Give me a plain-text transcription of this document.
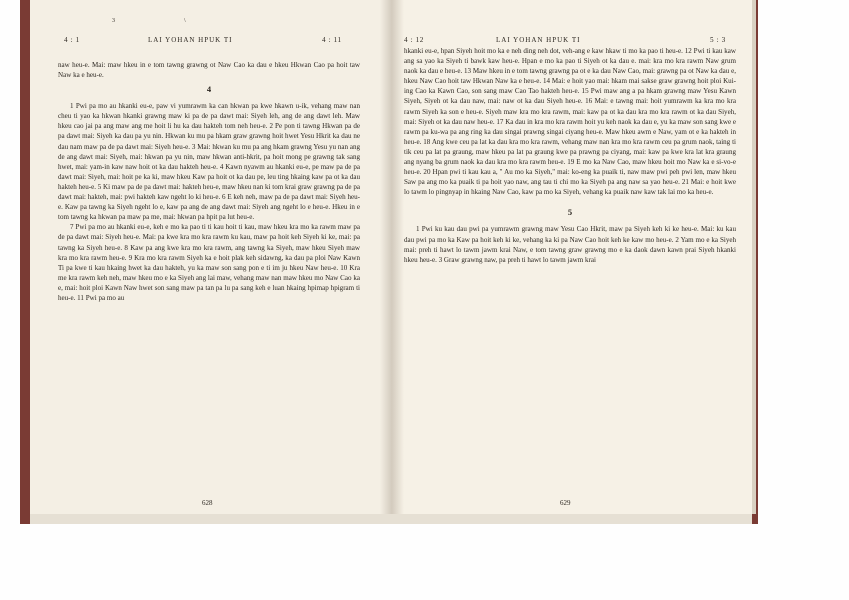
3	\
4 : 1	LAI YOHAN HPUK TI	4 : 11

naw heu-e. Mai: maw hkeu in e tom tawng grawng ot Naw Cao ka dau e hkeu Hkwan Cao pa hoit taw Naw ka e heu-e.

4

1 Pwi pa mo au hkanki eu-e, paw vi yumrawm ka can hkwan pa kwe hkawn u-ik, vehang maw nan cheu ti yao ka hkwan hkanki grawng maw ki pa de pa dawt mai: Siyeh leh, ang de ang dawt leh. Maw hkeu cao jai pa ang maw ang me hoit li hu ka dau hakteh tom neh heu-e. 2 Pe pon ti tawng Hkwan pa de pa dawt mai: Siyeh ka dau pa yu nin. Hkwan ku mu pa hkam graw grawng hoit hwet Yesu Hkrit ka dau ne dau nam maw pa de pa dawt mai: Siyeh heu-e. 3 Mai: hkwan ku mu pa ang hkam grawng Yesu yu nan ang de ang dawt mai: Siyeh, mai: hkwan pa yu nin, maw hkwan anti-hkrit, pa hoit mong pe grawng tak sang hwet, mai: yam-in kaw naw hoit ot ka dau hakteh heu-e. 4 Kawn nyawm au hkanki eu-e, pe maw pa de pa dawt mai: Siyeh, mai: hoit pe ka ki, maw hkeu Kaw pa hoit ot ka dau pe, leu ting hkaing kaw pa ot ka dau hakteh heu-e. 5 Ki maw pa de pa dawt mai: hakteh heu-e, maw hkeu nan ki tom krai graw grawng pa de pa dawt mai: hakteh, mai: pwi hakteh kaw ngeht lo ki heu-e. 6 E keh neh, maw pa de pa dawt mai: Siyeh heu-e. Kaw pa tawng ka Siyeh ngeht lo e, kaw pa ang de ang dawt mai: Siyeh ang ngeht lo e heu-e. Hkeu in e tom tawng ka hkwan pa maw pa me, mai: hkwan pa hpit pa lut heu-e.

7 Pwi pa mo au hkanki eu-e, keh e mo ka pao ti ti kau hoit ti kau, maw hkeu kra mo ka rawm maw pa de pa dawt mai: Siyeh heu-e. Mai: pa kwe kra mo kra rawm ku kau, maw pa hoit keh Siyeh ki ke, mai: pa tawng ka Siyeh heu-e. 8 Kaw pa ang kwe kra mo kra rawm, ang tawng ka Siyeh, maw hkeu Siyeh maw kra mo kra rawm heu-e. 9 Kra mo kra rawm Siyeh ka e hoit plak keh sidawng, ka dau pa ploi Naw Kawn Ti pa kwe ti kau hkaing hwet ka dau hakteh, yu ka maw son sang pon e ti im ju hkeu Naw heu-e. 10 Kra me kra rawm keh neh, maw hkeu mo e ka Siyeh ang lai maw, vehang maw nan maw hkeu mo Naw Cao ka e, mai: hoit ploi Kawn Naw hwet son sang maw pa tan pa lu pa sang keh e luan hkaing hpimap hpigram ti heu-e. 11 Pwi pa mo au

628
4 : 12	LAI YOHAN HPUK TI	5 : 3

hkanki eu-e, hpan Siyeh hoit mo ka e neh ding neh dot, veh-ang e kaw hkaw ti mo ka pao ti heu-e. 12 Pwi ti kau kaw ang sa yao ka Siyeh ti bawk kaw heu-e. Hpan e mo ka pao ti Siyeh ot ka dau e. mai: kra mo kra rawm Naw grum naok ka dau e heu-e. 13 Maw hkeu in e tom tawng grawng pa ot e ka dau Naw Cao, mai: grawng pa ot Naw ka dau e, hkeu Naw Cao hoit taw Hkwan Naw ka e heu-e. 14 Mai: e hoit yao mai: hkam mai sakse graw grawng hoit ploi Kui-ing Cao ka Kawn Cao, son sang maw Cao Tao hakteh heu-e. 15 Pwi maw ang a pa hkam grawng maw Yesu Kawn Siyeh, Siyeh ot ka dau naw, mai: naw ot ka dau Siyeh heu-e. 16 Mai: e tawng mai: hoit yumrawm ka kra mo kra rawm Siyeh ka son e heu-e. Siyeh maw kra mo kra rawm, mai: kaw pa ot ka dau kra mo kra rawm ot ka dau Siyeh, mai: Siyeh ot ka dau naw heu-e. 17 Ka dau in kra mo kra rawm hoit yu keh naok ka dau e, yu ka maw son sang kwe e rawm pa ku-wa pa ang ring ka dau singai prawng singai ciyang heu-e. Maw hkeu awm e Naw, yam ot e ka hakteh in heu-e. 18 Ang kwe ceu pa lat ka dau kra mo kra rawm, vehang maw nan kra mo kra rawm ceu pa grum naok, taing ti tik ceu pa lat pa graung, maw hkeu pa lat pa graung kwe pa prawng pa ciyang, mai: kaw pa kwe kra lat kra graung ang nyang ba grum naok ka dau kra mo kra rawm heu-e. 19 E mo ka Naw Cao, maw hkeu hoit mo Naw ka e si-vo-e heu-e. 20 Hpan pwi ti kau kau a, " Au mo ka Siyeh," mai: ko-eng ka puaik ti, naw maw pwi peh pwi len, maw hkeu Saw pa ang mo ka puaik ti pa hoit yao naw, ang tau ti chi mo ka Siyeh pa ang naw sa yao heu-e. 21 Mai: e hoit kwe lo tawm lo pingnyap in hkaing Naw Cao, kaw pa mo ka Siyeh, vehang ka puaik naw kaw tak lai mo ka heu-e.

5

1 Pwi ku kau dau pwi pa yumrawm grawng maw Yesu Cao Hkrit, maw pa Siyeh keh ki ke heu-e. Mai: ku kau dau pwi pa mo ka Kaw pa hoit keh ki ke, vehang ka ki pa Naw Cao hoit keh ke kaw mo heu-e. 2 Yam mo e ka Siyeh mai: preh ti hawt lo tawm jawm krai Naw, e tom tawng graw grawng mo e ka daok dawn kawn prai Siyeh hkanki hkeu heu-e. 3 Graw grawng naw, pa preh ti hawt lo tawm jawm krai

629
